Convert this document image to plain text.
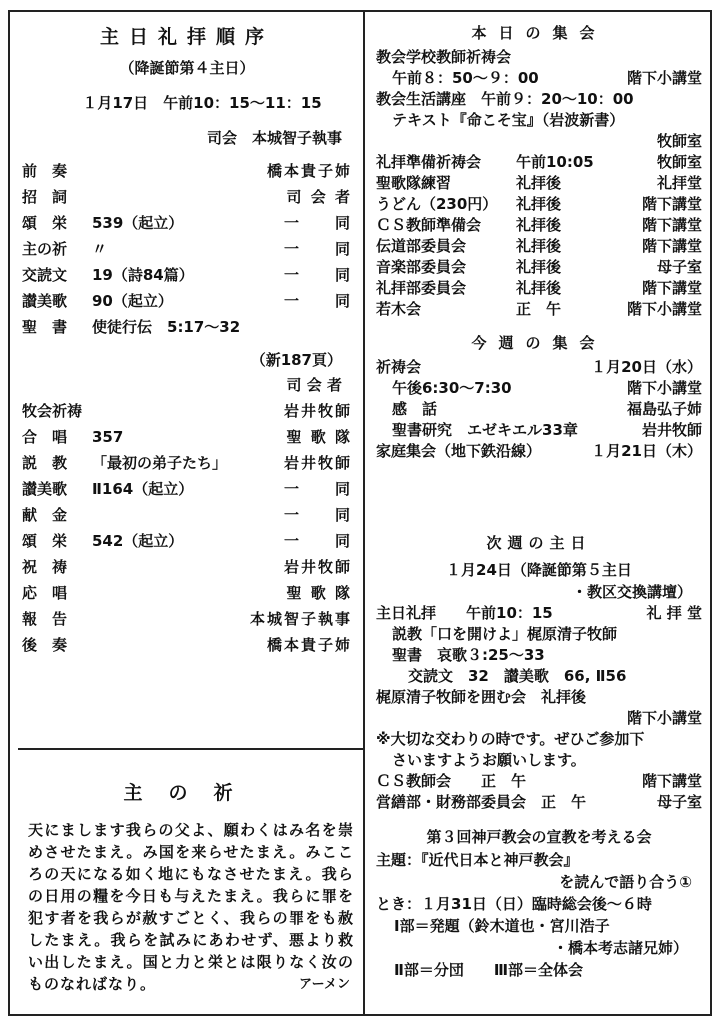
主日礼拝順序
（降誕節第４主日）
１月17日　午前10：15〜11：15
司会　本城智子執事
前　奏	橋本貴子姉
招　詞	司 会 者
頌　栄	539（起立）	一　　同
主の祈	〃	一　　同
交読文	19（詩84篇）	一　　同
讃美歌	90（起立）	一　　同
聖　書	使徒行伝　5:17〜32
（新187頁）
司 会 者
牧会祈祷	岩井牧師
合　唱	357	聖 歌 隊
説　教	「最初の弟子たち」	岩井牧師
讃美歌	Ⅱ164（起立）	一　　同
献　金	一　　同
頌　栄	542（起立）	一　　同
祝　祷	岩井牧師
応　唱	聖 歌 隊
報　告	本城智子執事
後　奏	橋本貴子姉
主の祈
天にまします我らの父よ、願わくはみ名を崇めさせたまえ。み国を来らせたまえ。みこころの天になる如く地にもなさせたまえ。我らの日用の糧を今日も与えたまえ。我らに罪を犯す者を我らが赦すごとく、我らの罪をも赦したまえ。我らを試みにあわせず、悪より救い出したまえ。国と力と栄とは限りなく汝のものなればなり。	アーメン
本日の集会
教会学校教師祈祷会
午前８：50〜９：00	階下小講堂
教会生活講座　午前９：20〜10：00
テキスト『命こそ宝』（岩波新書）
牧師室
礼拝準備祈祷会	午前10:05	牧師室
聖歌隊練習	礼拝後	礼拝堂
うどん（230円）	礼拝後	階下講堂
ＣＳ教師準備会	礼拝後	階下講堂
伝道部委員会	礼拝後	階下講堂
音楽部委員会	礼拝後	母子室
礼拝部委員会	礼拝後	階下講堂
若木会	正　午	階下小講堂
今週の集会
祈祷会	１月20日（水）
午後6:30〜7:30	階下小講堂
感　話	福島弘子姉
聖書研究　エゼキエル33章	岩井牧師
家庭集会（地下鉄沿線）	１月21日（木）
次週の主日
１月24日（降誕節第５主日
・教区交換講壇）
主日礼拝　　午前10：15	礼 拝 堂
説教「口を開けよ」梶原清子牧師
聖書　哀歌３:25〜33
交読文　32　讃美歌　66, Ⅱ56
梶原清子牧師を囲む会　礼拝後
階下小講堂
※大切な交わりの時です。ぜひご参加下
さいますようお願いします。
ＣＳ教師会　　正　午	階下講堂
営繕部・財務部委員会　正　午	母子室
第３回神戸教会の宣教を考える会
主題：『近代日本と神戸教会』
を読んで語り合う①
とき：１月31日（日）臨時総会後〜６時
Ⅰ部＝発題（鈴木道也・宮川浩子
・橋本考志諸兄姉）
Ⅱ部＝分団　　Ⅲ部＝全体会
